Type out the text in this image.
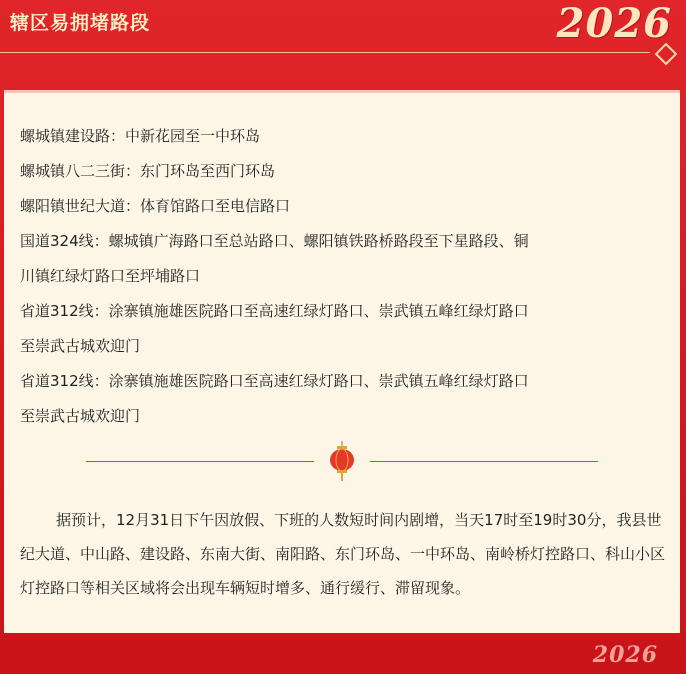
辖区易拥堵路段	2026

螺城镇建设路：中新花园至一中环岛

螺城镇八二三街：东门环岛至西门环岛

螺阳镇世纪大道：体育馆路口至电信路口

国道324线：螺城镇广海路口至总站路口、螺阳镇铁路桥路段至下星路段、铜

川镇红绿灯路口至坪埔路口

省道312线：涂寨镇施雄医院路口至高速红绿灯路口、崇武镇五峰红绿灯路口

至崇武古城欢迎门

省道312线：涂寨镇施雄医院路口至高速红绿灯路口、崇武镇五峰红绿灯路口

至崇武古城欢迎门

据预计，12月31日下午因放假、下班的人数短时间内剧增，当天17时至19时30分，我县世纪大道、中山路、建设路、东南大街、南阳路、东门环岛、一中环岛、南岭桥灯控路口、科山小区灯控路口等相关区域将会出现车辆短时增多、通行缓行、滞留现象。

2026
